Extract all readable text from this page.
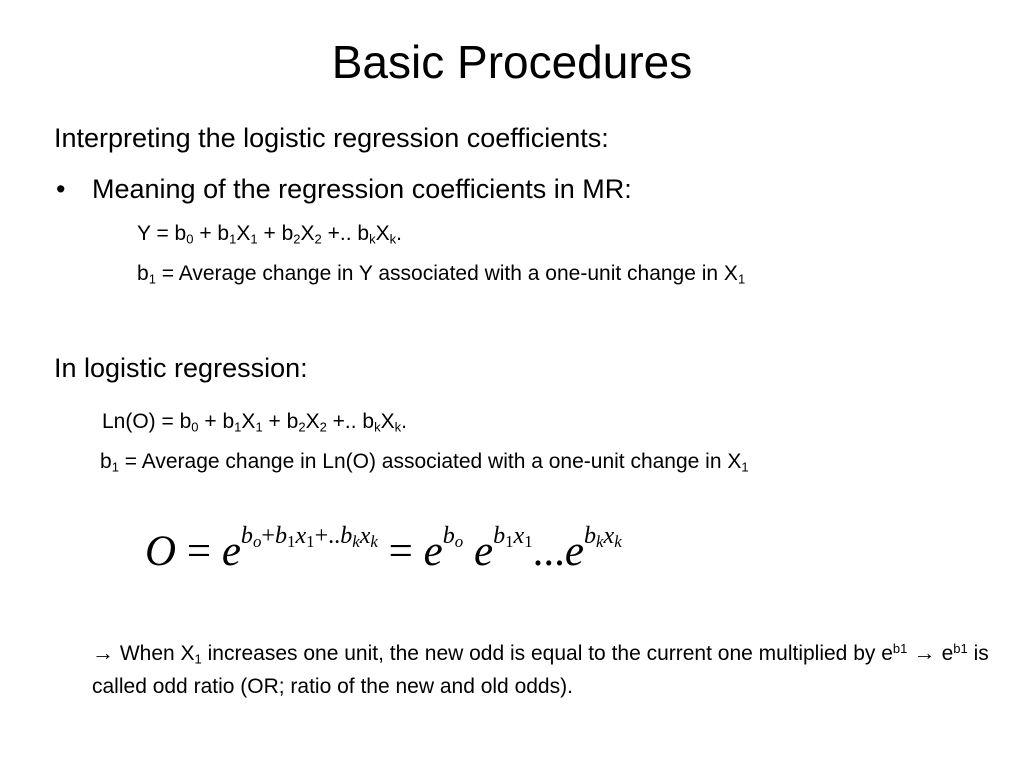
Basic Procedures
Interpreting the logistic regression coefficients:
• Meaning of the regression coefficients in MR:
$Y = b_0 + b_1X_1 + b_2X_2$ +.. $b_kX_k$.
$b_1$ = Average change in Y associated with a one-unit change in $X_1$
In logistic regression:
$Ln(O) = b_0 + b_1X_1 + b_2X_2$ +.. $b_kX_k$.
$b_1$ = Average change in Ln(O) associated with a one-unit change in $X_1$
$O = e^{b_o+b_1x_1+..b_kx_k} = e^{b_o}$ $e^{b_1x_1}...e^{b_kx_k}$
→ When $X_1$ increases one unit, the new odd is equal to the current one multiplied by $e^{b1} \to e^{b1}$ is called odd ratio (OR; ratio of the new and old odds).
